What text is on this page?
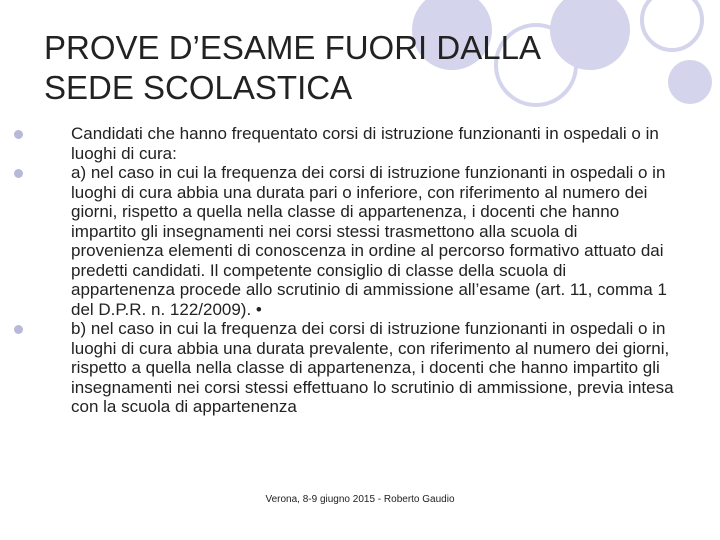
PROVE D’ESAME FUORI DALLA SEDE SCOLASTICA
Candidati che hanno frequentato corsi di istruzione funzionanti in ospedali o in luoghi di cura:
a) nel caso in cui la frequenza dei corsi di istruzione funzionanti in ospedali o in luoghi di cura abbia una durata pari o inferiore, con riferimento al numero dei giorni, rispetto a quella nella classe di appartenenza, i docenti che hanno impartito gli insegnamenti nei corsi stessi trasmettono alla scuola di provenienza elementi di conoscenza in ordine al percorso formativo attuato dai predetti candidati. Il competente consiglio di classe della scuola di appartenenza procede allo scrutinio di ammissione all’esame (art. 11, comma 1 del D.P.R. n. 122/2009). •
b) nel caso in cui la frequenza dei corsi di istruzione funzionanti in ospedali o in luoghi di cura abbia una durata prevalente, con riferimento al numero dei giorni, rispetto a quella nella classe di appartenenza, i docenti che hanno impartito gli insegnamenti nei corsi stessi effettuano lo scrutinio di ammissione, previa intesa con la scuola di appartenenza
Verona, 8-9 giugno 2015 - Roberto Gaudio
